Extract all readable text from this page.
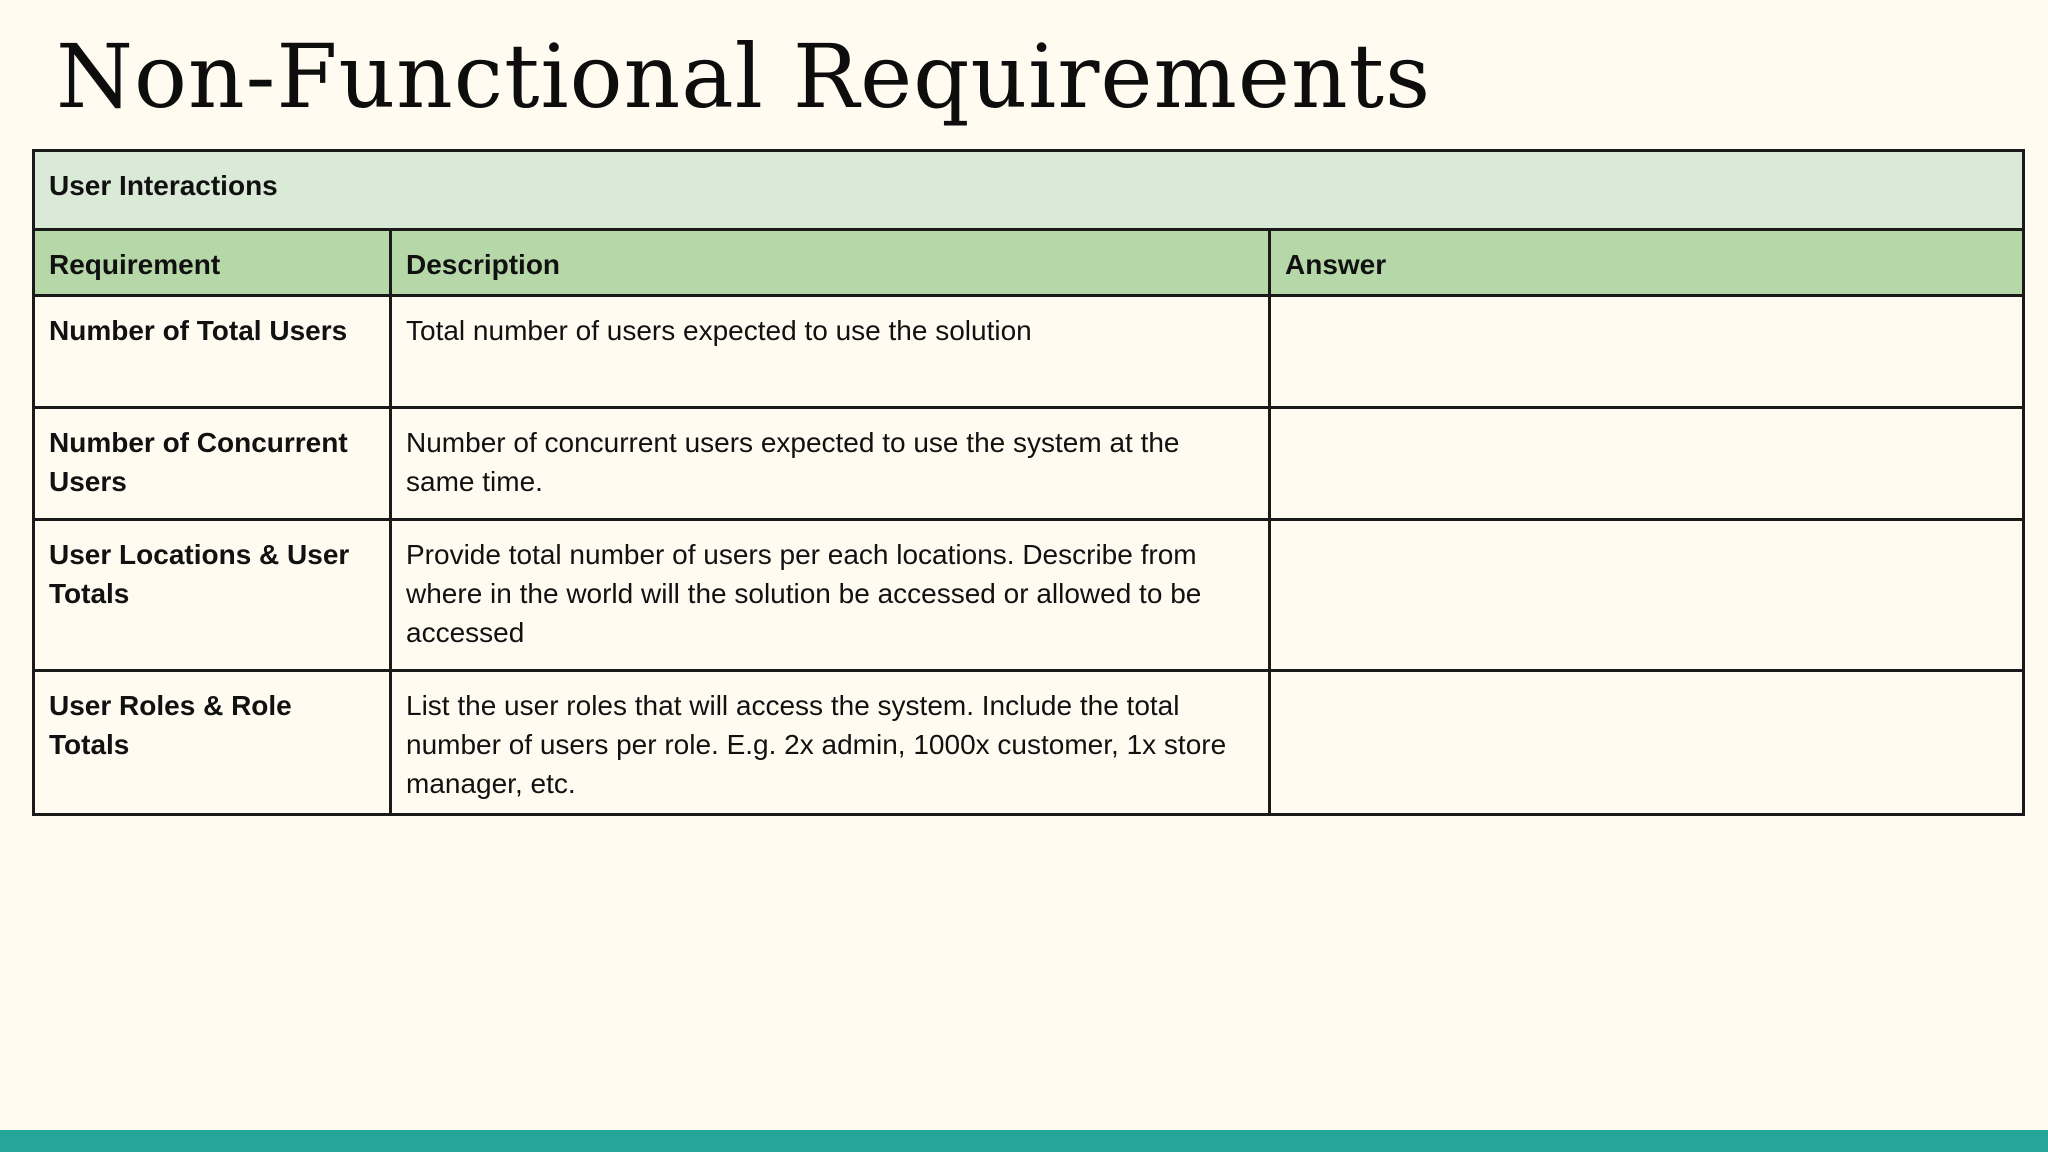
Non-Functional Requirements
User Interactions		
Requirement	Description	Answer
Number of Total Users	Total number of users expected to use the solution	
Number of Concurrent Users	Number of concurrent users expected to use the system at the same time.	
User Locations & User Totals	Provide total number of users per each locations. Describe from where in the world will the solution be accessed or allowed to be accessed	
User Roles & Role Totals	List the user roles that will access the system. Include the total number of users per role. E.g. 2x admin, 1000x customer, 1x store manager, etc.	
